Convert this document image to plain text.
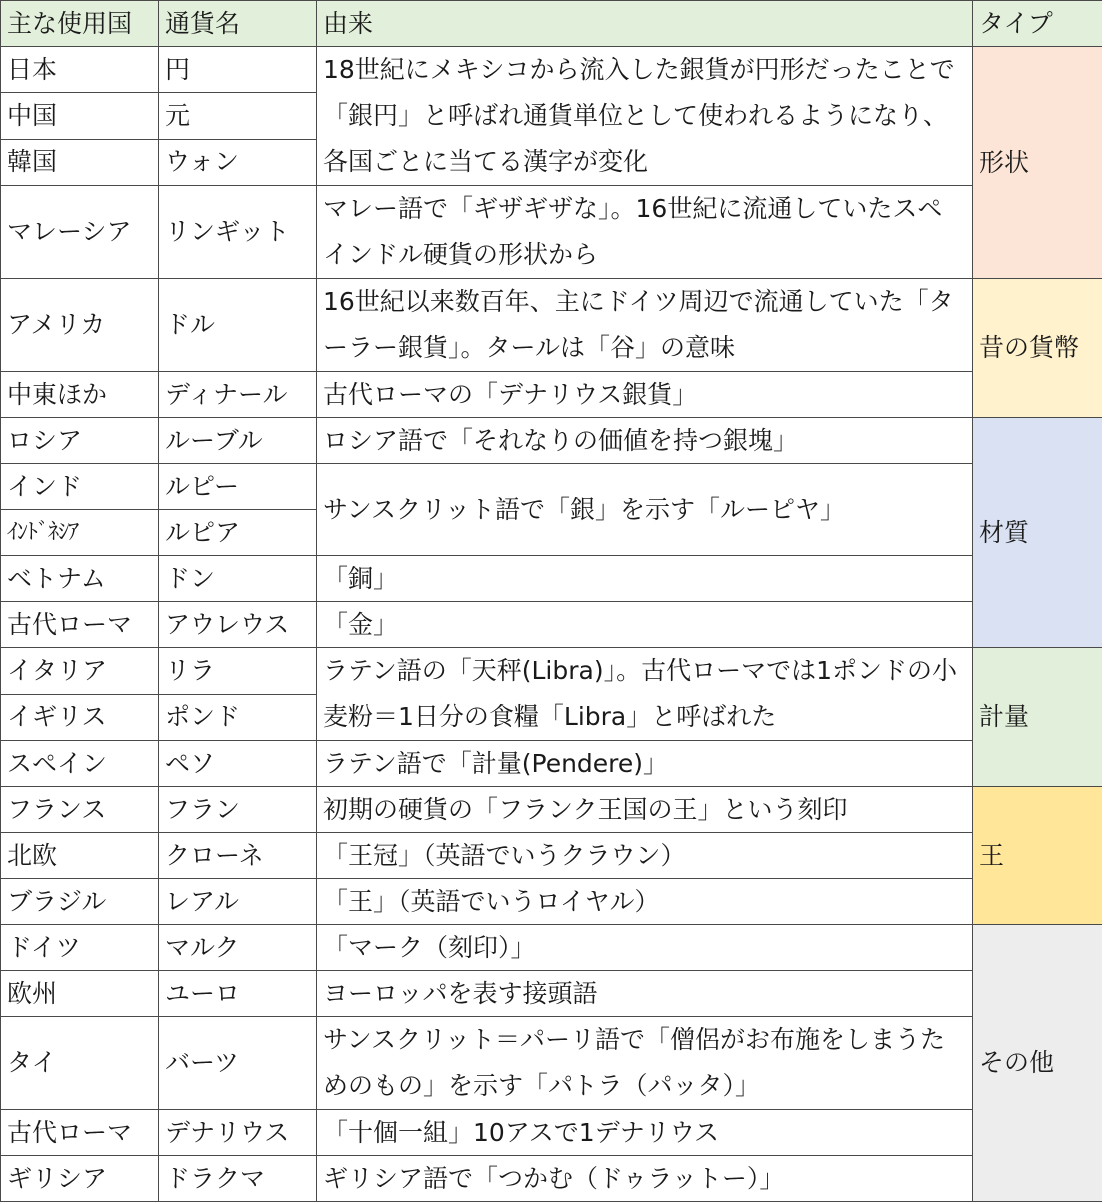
主な使用国	通貨名	由来	タイプ
日本	円	18世紀にメキシコから流入した銀貨が円形だったことで「銀円」と呼ばれ通貨単位として使われるようになり、各国ごとに当てる漢字が変化	形状
中国	元		
韓国	ウォン		
マレーシア	リンギット	マレー語で「ギザギザな」。16世紀に流通していたスペインドル硬貨の形状から	
アメリカ	ドル	16世紀以来数百年、主にドイツ周辺で流通していた「ターラー銀貨」。タールは「谷」の意味	昔の貨幣
中東ほか	ディナール	古代ローマの「デナリウス銀貨」	
ロシア	ルーブル	ロシア語で「それなりの価値を持つ銀塊」	材質
インド	ルピー	サンスクリット語で「銀」を示す「ルーピヤ」	
ｲﾝﾄﾞﾈｼｱ	ルピア		
ベトナム	ドン	「銅」	
古代ローマ	アウレウス	「金」	
イタリア	リラ	ラテン語の「天秤(Libra)」。古代ローマでは1ポンドの小麦粉＝1日分の食糧「Libra」と呼ばれた	計量
イギリス	ポンド		
スペイン	ペソ	ラテン語で「計量(Pendere)」	
フランス	フラン	初期の硬貨の「フランク王国の王」という刻印	王
北欧	クローネ	「王冠」（英語でいうクラウン）	
ブラジル	レアル	「王」（英語でいうロイヤル）	
ドイツ	マルク	「マーク（刻印）」	その他
欧州	ユーロ	ヨーロッパを表す接頭語	
タイ	バーツ	サンスクリット＝パーリ語で「僧侶がお布施をしまうためのもの」を示す「パトラ（パッタ）」	
古代ローマ	デナリウス	「十個一組」10アスで1デナリウス	
ギリシア	ドラクマ	ギリシア語で「つかむ（ドゥラットー）」	
